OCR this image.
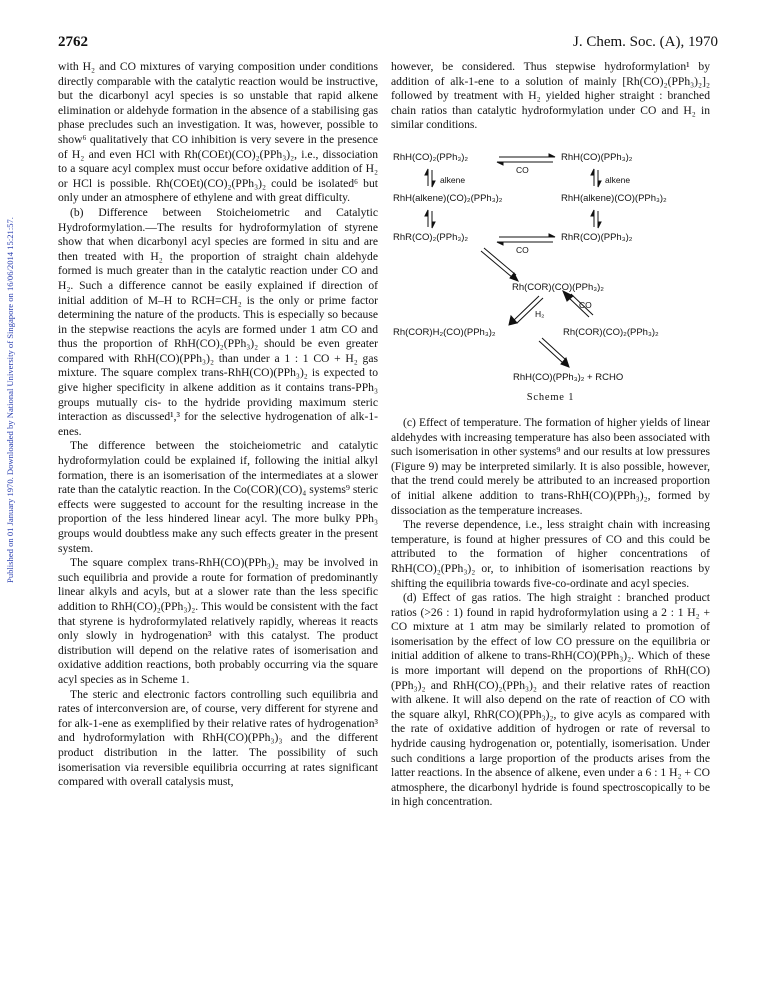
2762	J. Chem. Soc. (A), 1970
Published on 01 January 1970. Downloaded by National University of Singapore on 16/06/2014 15:21:57.

with H₂ and CO mixtures of varying composition under conditions directly comparable with the catalytic reaction would be instructive, but the dicarbonyl acyl species is so unstable that rapid alkene elimination or aldehyde formation in the absence of a stabilising gas phase precludes such an investigation. It was, however, possible to show⁶ qualitatively that CO inhibition is very severe in the presence of H₂ and even HCl with Rh(COEt)(CO)₂(PPh₃)₂, i.e., dissociation to a square acyl complex must occur before oxidative addition of H₂ or HCl is possible. Rh(COEt)(CO)₂(PPh₃)₂ could be isolated⁶ but only under an atmosphere of ethylene and with great difficulty.

(b) Difference between Stoicheiometric and Catalytic Hydroformylation.—The results for hydroformylation of styrene show that when dicarbonyl acyl species are formed in situ and are then treated with H₂ the proportion of straight chain aldehyde formed is much greater than in the catalytic reaction under CO and H₂. Such a difference cannot be easily explained if direction of initial addition of M–H to RCH=CH₂ is the only or prime factor determining the nature of the products. This is especially so because in the stepwise reactions the acyls are formed under 1 atm CO and thus the proportion of RhH(CO)₂(PPh₃)₂ should be even greater compared with RhH(CO)(PPh₃)₂ than under a 1 : 1 CO + H₂ gas mixture. The square complex trans-RhH(CO)(PPh₃)₂ is expected to give higher specificity in alkene addition as it contains trans-PPh₃ groups mutually cis- to the hydride providing maximum steric interaction as discussed¹,³ for the selective hydrogenation of alk-1-enes.

The difference between the stoicheiometric and catalytic hydroformylation could be explained if, following the initial alkyl formation, there is an isomerisation of the intermediates at a slower rate than the catalytic reaction. In the Co(COR)(CO)₄ systems⁹ steric effects were suggested to account for the resulting increase in the proportion of the less hindered linear acyl. The more bulky PPh₃ groups would doubtless make any such effects greater in the present system.

The square complex trans-RhH(CO)(PPh₃)₂ may be involved in such equilibria and provide a route for formation of predominantly linear alkyls and acyls, but at a slower rate than the less specific addition to RhH(CO)₂(PPh₃)₂. This would be consistent with the fact that styrene is hydroformylated relatively rapidly, whereas it reacts only slowly in hydrogenation³ with this catalyst. The product distribution will depend on the relative rates of isomerisation and oxidative addition reactions, both probably occurring via the square acyl species as in Scheme 1.

The steric and electronic factors controlling such equilibria and rates of interconversion are, of course, very different for styrene and for alk-1-ene as exemplified by their relative rates of hydrogenation³ and hydroformylation with RhH(CO)(PPh₃)₃ and the different product distribution in the latter. The possibility of such isomerisation via reversible equilibria occurring at rates significant compared with overall catalysis must,

however, be considered. Thus stepwise hydroformylation¹ by addition of alk-1-ene to a solution of mainly [Rh(CO)₂(PPh₃)₂]₂ followed by treatment with H₂ yielded higher straight : branched chain ratios than catalytic hydroformylation under CO and H₂ in similar conditions.

RhH(CO)₂(PPh₃)₂
CO
RhH(CO)(PPh₃)₂
alkene	alkene
RhH(alkene)(CO)₂(PPh₃)₂	RhH(alkene)(CO)(PPh₃)₂
RhR(CO)₂(PPh₃)₂
CO
RhR(CO)(PPh₃)₂
Rh(COR)(CO)(PPh₃)₂
H₂
CO
Rh(COR)H₂(CO)(PPh₃)₂	Rh(COR)(CO)₂(PPh₃)₂
RhH(CO)(PPh₃)₂ + RCHO
Scheme 1

(c) Effect of temperature. The formation of higher yields of linear aldehydes with increasing temperature has also been associated with such isomerisation in other systems⁹ and our results at low pressures (Figure 9) may be interpreted similarly. It is also possible, however, that the trend could merely be attributed to an increased proportion of initial alkene addition to trans-RhH(CO)(PPh₃)₂, formed by dissociation as the temperature increases.

The reverse dependence, i.e., less straight chain with increasing temperature, is found at higher pressures of CO and this could be attributed to the formation of higher concentrations of RhH(CO)₂(PPh₃)₂ or, to inhibition of isomerisation reactions by shifting the equilibria towards five-co-ordinate and acyl species.

(d) Effect of gas ratios. The high straight : branched product ratios (>26 : 1) found in rapid hydroformylation using a 2 : 1 H₂ + CO mixture at 1 atm may be similarly related to promotion of isomerisation by the effect of low CO pressure on the equilibria or initial addition of alkene to trans-RhH(CO)(PPh₃)₂. Which of these is more important will depend on the proportions of RhH(CO)(PPh₃)₂ and RhH(CO)₂(PPh₃)₂ and their relative rates of reaction with alkene. It will also depend on the rate of reaction of CO with the square alkyl, RhR(CO)(PPh₃)₂, to give acyls as compared with the rate of oxidative addition of hydrogen or rate of reversal to hydride causing hydrogenation or, potentially, isomerisation. Under such conditions a large proportion of the products arises from the latter reactions. In the absence of alkene, even under a 6 : 1 H₂ + CO atmosphere, the dicarbonyl hydride is found spectroscopically to be in high concentration.
